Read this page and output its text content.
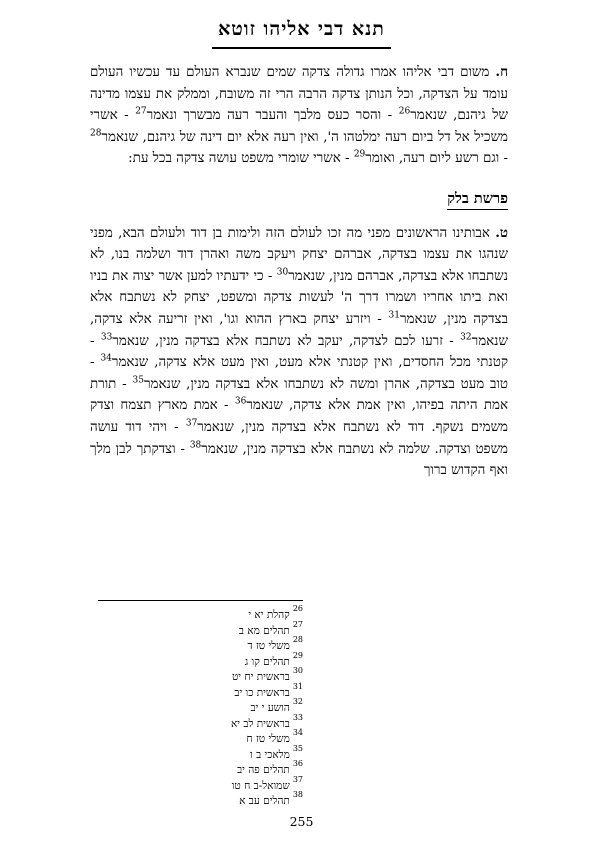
תנא דבי אליהו זוטא

ח. משום דבי אליהו אמרו גדולה צדקה שמים שנברא העולם עד עכשיו העולם עומד על הצדקה, וכל הנותן צדקה הרבה הרי זה משובח, וממלק את עצמו מדינה של גיהנם, שנאמר$^{26}$ - והסר כעס מלבך והעבר רעה מבשרך ונאמר$^{27}$ - אשרי משכיל אל דל ביום רעה ימלטהו ה', ואין רעה אלא יום דינה של גיהנם, שנאמר$^{28}$ - וגם רשע ליום רעה, ואומר$^{29}$ - אשרי שומרי משפט עושה צדקה בכל עת:

פרשת בלק

ט. אבותינו הראשונים מפני מה זכו לעולם הזה ולימות בן דוד ולעולם הבא, מפני שנהגו את עצמו בצדקה, אברהם יצחק ויעקב משה ואהרן דוד ושלמה בנו, לא נשתבחו אלא בצדקה, אברהם מנין, שנאמר$^{30}$ - כי ידעתיו למען אשר יצוה את בניו ואת ביתו אחריו ושמרו דרך ה' לעשות צדקה ומשפט, יצחק לא נשתבח אלא בצדקה מנין, שנאמר$^{31}$ - ויזרע יצחק בארץ ההוא וגו', ואין זריעה אלא צדקה, שנאמר$^{32}$ - זרעו לכם לצדקה, יעקב לא נשתבח אלא בצדקה מנין, שנאמר$^{33}$ - קטנתי מכל החסדים, ואין קטנתי אלא מעט, ואין מעט אלא צדקה, שנאמר$^{34}$ - טוב מעט בצדקה, אהרן ומשה לא נשתבחו אלא בצדקה מנין, שנאמר$^{35}$ - תורת אמת היתה בפיהו, ואין אמת אלא צדקה, שנאמר$^{36}$ - אמת מארץ תצמח וצדק משמים נשקף. דוד לא נשתבח אלא בצדקה מנין, שנאמר$^{37}$ - ויהי דוד עושה משפט וצדקה. שלמה לא נשתבח אלא בצדקה מנין, שנאמר$^{38}$ - וצדקתך לבן מלך ואף הקדוש ברוך

26
קהלת יא י
27
תהלים מא ב
28
משלי טז ד
29
תהלים קו ג
30
בראשית יח יט
31
בראשית כו יב
32
הושע י יב
33
בראשית לב יא
34
משלי טז ח
35
מלאכי ב ו
36
תהלים פה יב
37
שמואל-ב ח טו
38
תהלים עב א
255
